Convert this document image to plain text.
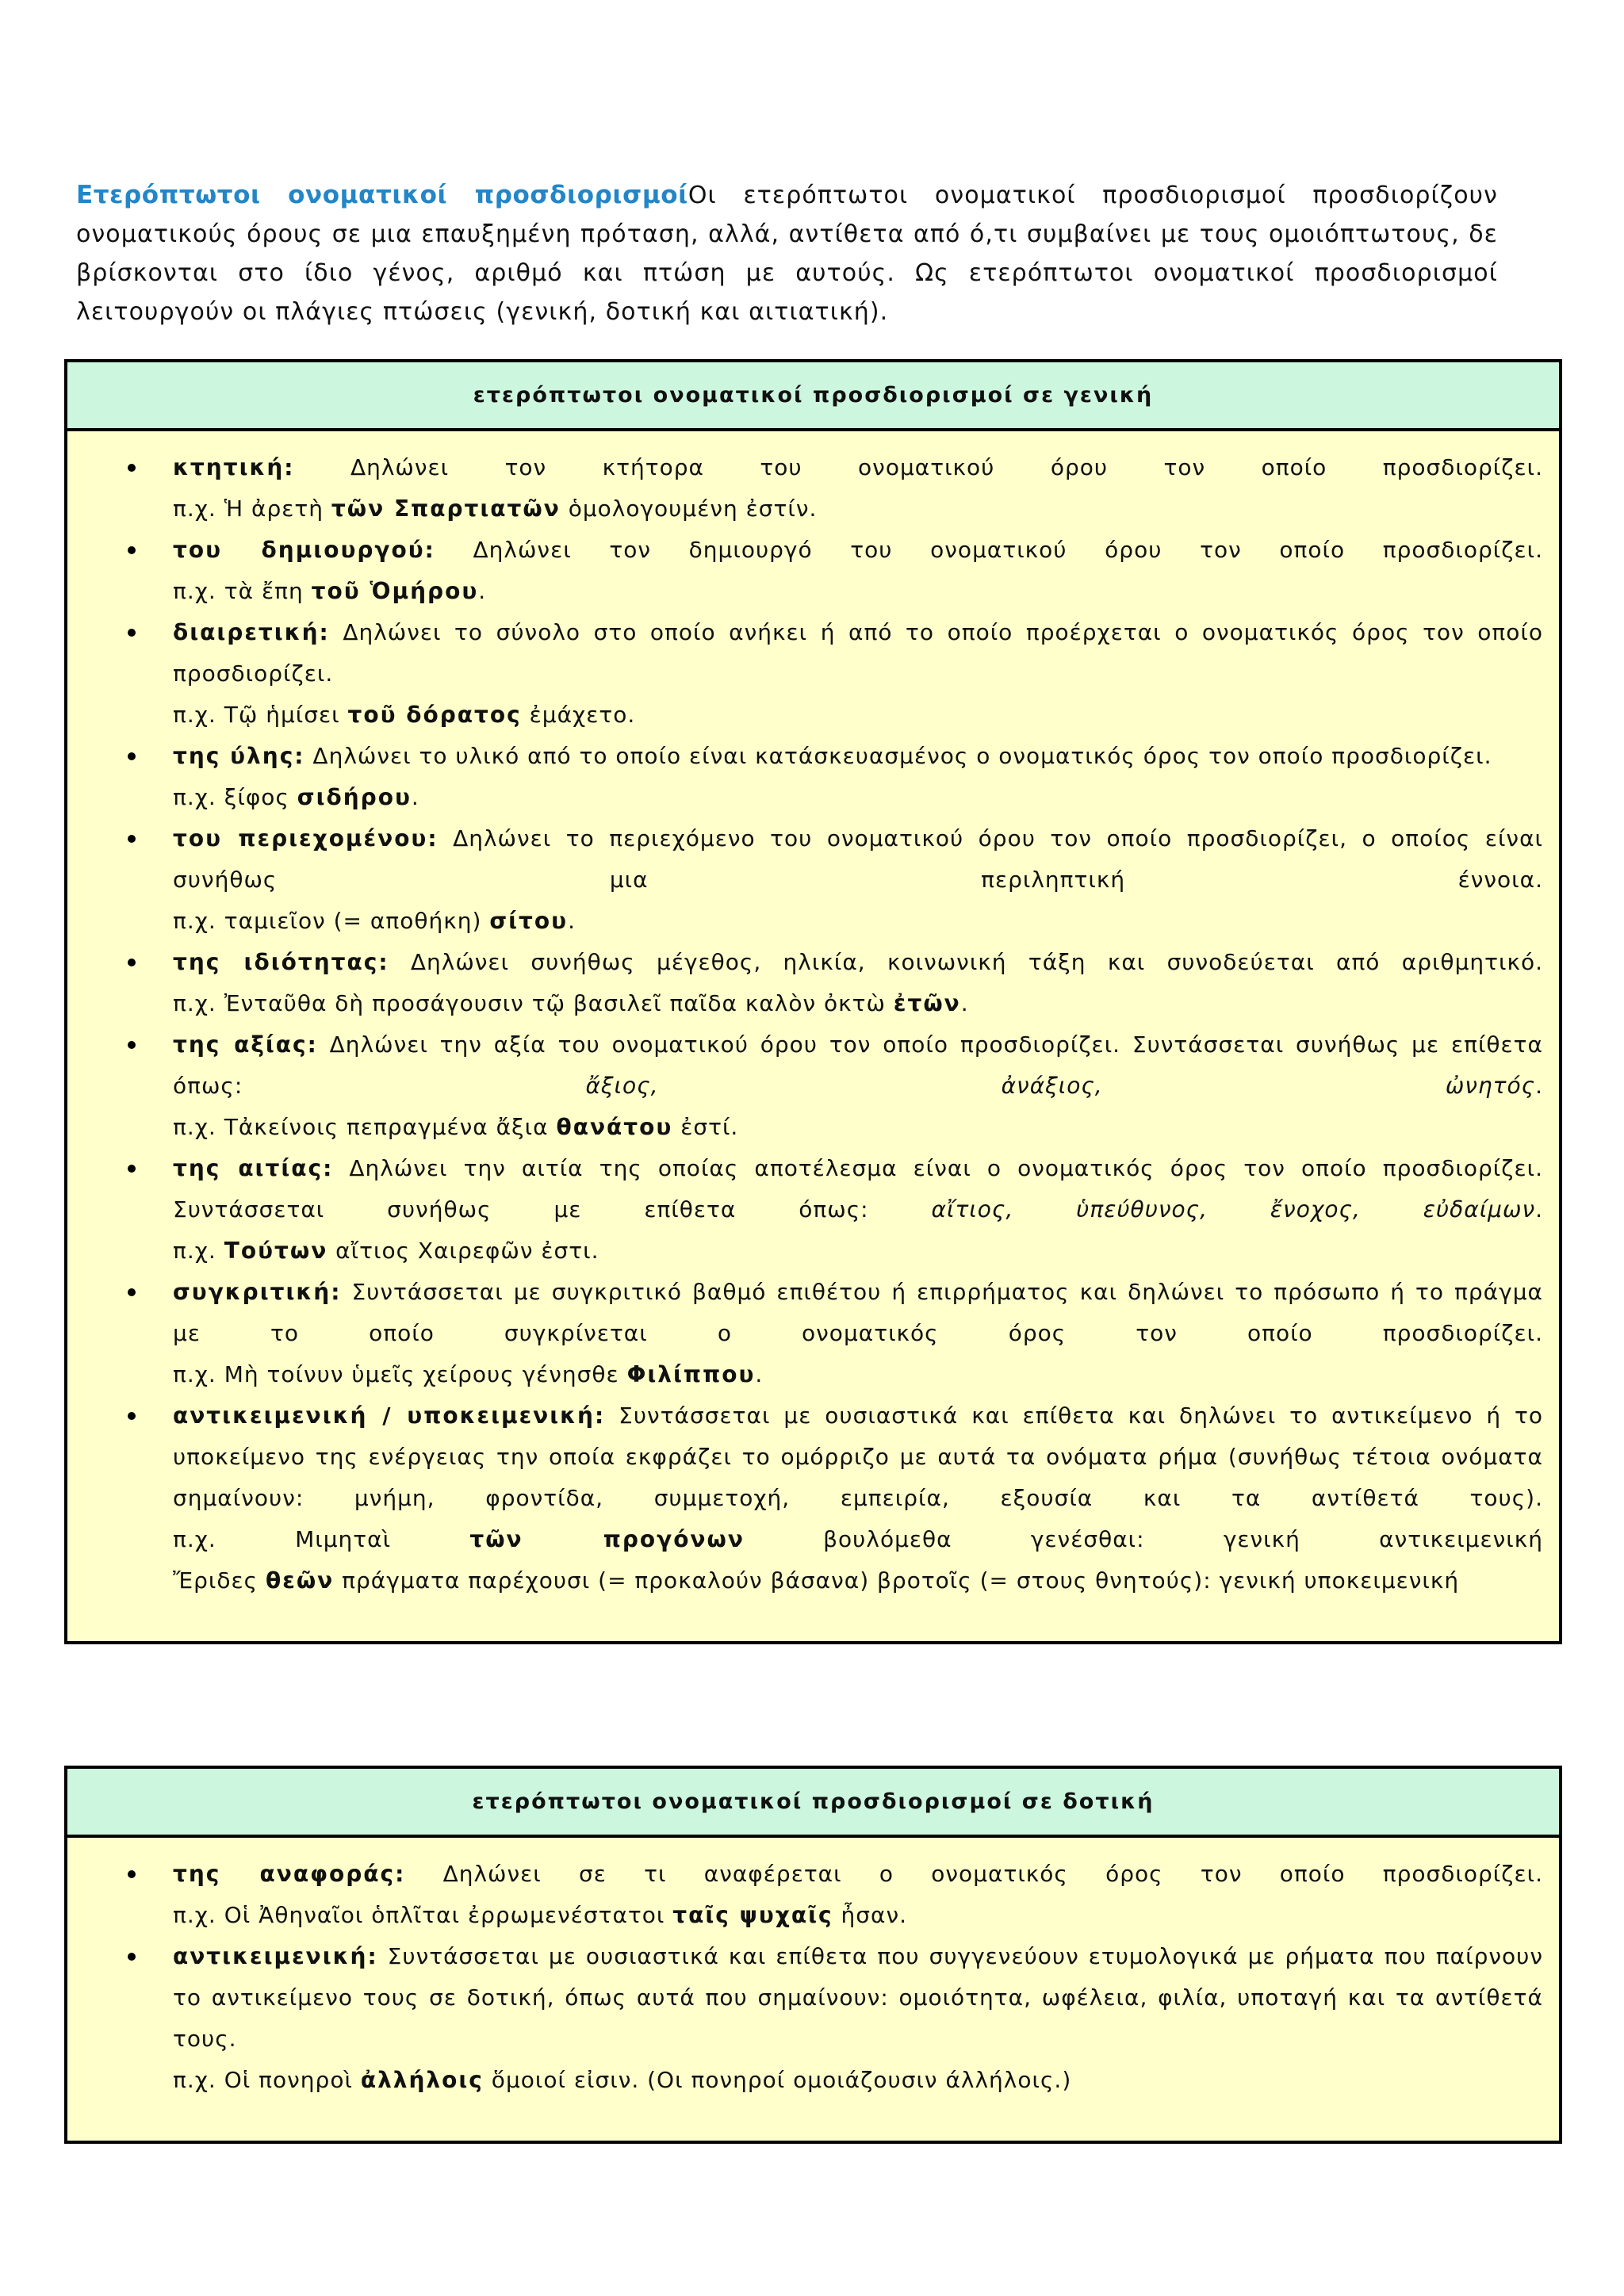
Ετερόπτωτοι ονοματικοί προσδιορισμοίΟι ετερόπτωτοι ονοματικοί προσδιορισμοί προσδιορίζουν ονοματικούς όρους σε μια επαυξημένη πρόταση, αλλά, αντίθετα από ό,τι συμβαίνει με τους ομοιόπτωτους, δε βρίσκονται στο ίδιο γένος, αριθμό και πτώση με αυτούς. Ως ετερόπτωτοι ονοματικοί προσδιορισμοί λειτουργούν οι πλάγιες πτώσεις (γενική, δοτική και αιτιατική).

ετερόπτωτοι ονοματικοί προσδιορισμοί σε γενική

κτητική:	Δηλώνει τον κτήτορα του ονοματικού όρου τον οποίο προσδιορίζει.

π.χ. Ἡ ἀρετὴ τῶν Σπαρτιατῶν ὁμολογουμένη ἐστίν.

του δημιουργού: Δηλώνει τον δημιουργό του ονοματικού όρου τον οποίο προσδιορίζει.

π.χ. τὰ ἔπη τοῦ Ὁμήρου.

διαιρετική: Δηλώνει το σύνολο στο οποίο ανήκει ή από το οποίο προέρχεται ο ονοματικός όρος τον οποίο προσδιορίζει.

π.χ. Τῷ ἡμίσει τοῦ δόρατος ἐμάχετο.

της ύλης: Δηλώνει το υλικό από το οποίο είναι κατάσκευασμένος ο ονοματικός όρος τον οποίο προσδιορίζει.

π.χ. ξίφος σιδήρου.

του περιεχομένου: Δηλώνει το περιεχόμενο του ονοματικού όρου τον οποίο προσδιορίζει, ο οποίος είναι συνήθως μια περιληπτική έννοια.

π.χ. ταμιεῖον (= αποθήκη) σίτου.

της ιδιότητας: Δηλώνει συνήθως μέγεθος, ηλικία, κοινωνική τάξη και συνοδεύεται από αριθμητικό.

π.χ. Ἐνταῦθα δὴ προσάγουσιν τῷ βασιλεῖ παῖδα καλὸν ὀκτὼ ἐτῶν.

της αξίας: Δηλώνει την αξία του ονοματικού όρου τον οποίο προσδιορίζει. Συντάσσεται συνήθως με επίθετα όπως:	ἄξιος, ἀνάξιος, ὠνητός.

π.χ. Τἀκείνοις πεπραγμένα ἄξια θανάτου ἐστί.

της αιτίας: Δηλώνει την αιτία της οποίας αποτέλεσμα είναι ο ονοματικός όρος τον οποίο προσδιορίζει. Συντάσσεται συνήθως με επίθετα όπως:	αἴτιος, ὑπεύθυνος, ἔνοχος, εὐδαίμων.

π.χ. Τούτων αἴτιος Χαιρεφῶν ἐστι.

συγκριτική: Συντάσσεται με συγκριτικό βαθμό επιθέτου ή επιρρήματος και δηλώνει το πρόσωπο ή το πράγμα με το οποίο συγκρίνεται ο ονοματικός όρος τον οποίο προσδιορίζει.

π.χ. Μὴ τοίνυν ὑμεῖς χείρους γένησθε Φιλίππου.

αντικειμενική / υποκειμενική: Συντάσσεται με ουσιαστικά και επίθετα και δηλώνει το αντικείμενο ή το υποκείμενο της ενέργειας την οποία εκφράζει το ομόρριζο με αυτά τα ονόματα ρήμα (συνήθως τέτοια ονόματα σημαίνουν: μνήμη, φροντίδα, συμμετοχή, εμπειρία, εξουσία και τα αντίθετά τους).

π.χ.	Μιμηταὶ	τῶν προγόνων βουλόμεθα γενέσθαι: γενική αντικειμενική

Ἔριδες θεῶν πράγματα παρέχουσι (= προκαλούν βάσανα) βροτοῖς (= στους θνητούς): γενική υποκειμενική

ετερόπτωτοι ονοματικοί προσδιορισμοί σε δοτική

της αναφοράς: Δηλώνει σε τι αναφέρεται ο ονοματικός όρος τον οποίο προσδιορίζει.

π.χ. Οἱ Ἀθηναῖοι ὁπλῖται ἐρρωμενέστατοι ταῖς ψυχαῖς ἦσαν.

αντικειμενική: Συντάσσεται με ουσιαστικά και επίθετα που συγγενεύουν ετυμολογικά με ρήματα που παίρνουν το αντικείμενο τους σε δοτική, όπως αυτά που σημαίνουν: ομοιότητα, ωφέλεια, φιλία, υποταγή και τα αντίθετά τους.

π.χ. Οἱ πονηροὶ ἀλλήλοις ὅμοιοί εἰσιν. (Οι πονηροί ομοιάζουσιν άλλήλοις.)
